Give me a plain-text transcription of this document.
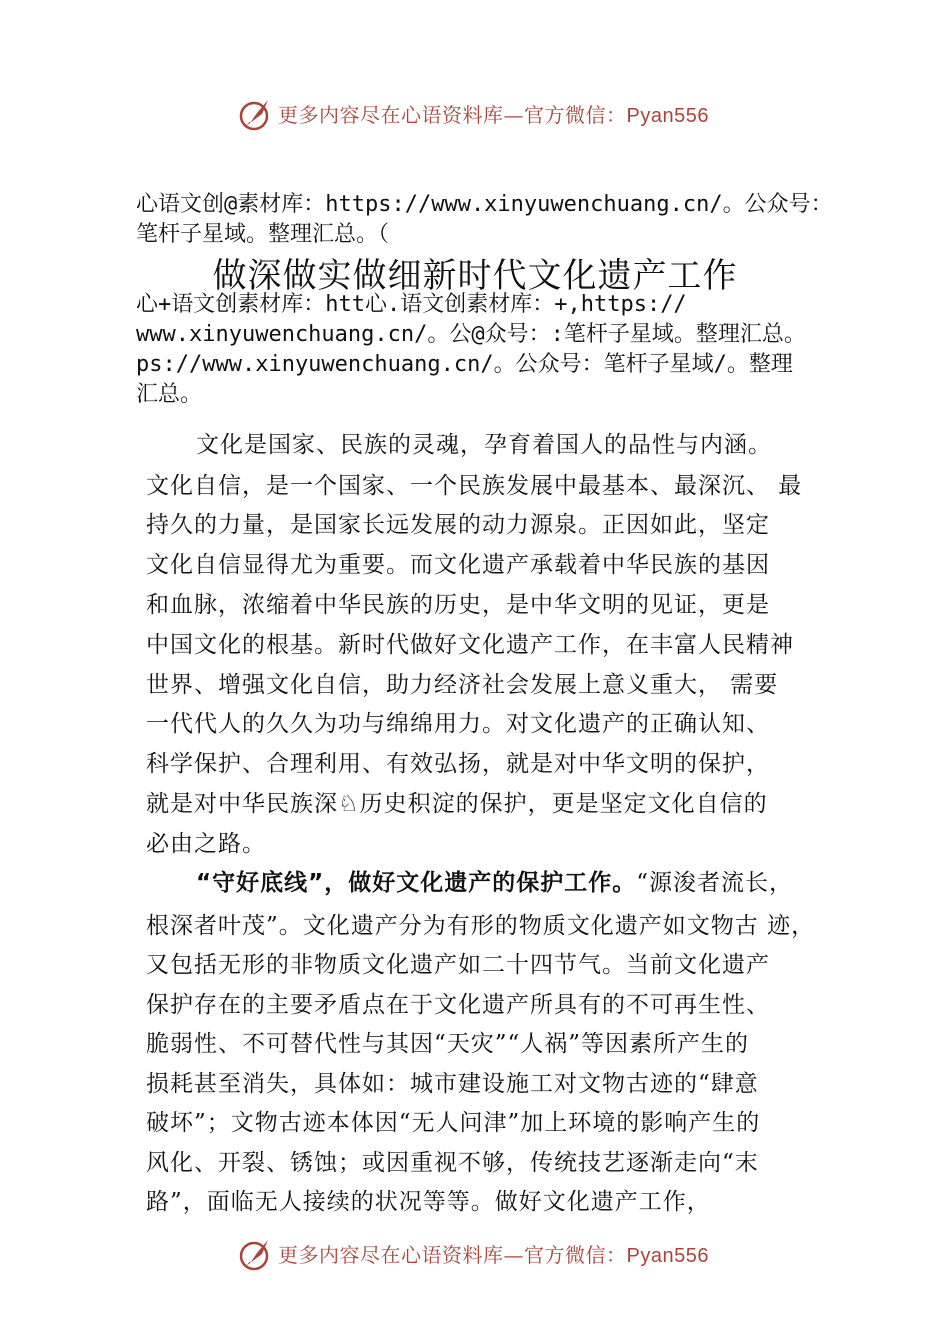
更多内容尽在心语资料库—官方微信：Pyan556
心语文创@素材库：https://www.xinyuwenchuang.cn/。公众号：
笔杆子星域。整理汇总。（
做深做实做细新时代文化遗产工作
心+语文创素材库：htt心.语文创素材库：+,https://
www.xinyuwenchuang.cn/。公@众号：:笔杆子星域。整理汇总。
ps://www.xinyuwenchuang.cn/。公众号：笔杆子星域/。整理
汇总。
文化是国家、民族的灵魂，孕育着国人的品性与内涵。
文化自信，是一个国家、一个民族发展中最基本、最深沉、 最
持久的力量，是国家长远发展的动力源泉。正因如此，坚定
文化自信显得尤为重要。而文化遗产承载着中华民族的基因
和血脉，浓缩着中华民族的历史，是中华文明的见证，更是
中国文化的根基。新时代做好文化遗产工作，在丰富人民精神
世界、增强文化自信，助力经济社会发展上意义重大， 需要
一代代人的久久为功与绵绵用力。对文化遗产的正确认知、
科学保护、合理利用、有效弘扬，就是对中华文明的保护，
就是对中华民族深♘历史积淀的保护，更是坚定文化自信的
必由之路。
“守好底线”，做好文化遗产的保护工作。“源浚者流长，
根深者叶茂”。文化遗产分为有形的物质文化遗产如文物古 迹，
又包括无形的非物质文化遗产如二十四节气。当前文化遗产
保护存在的主要矛盾点在于文化遗产所具有的不可再生性、
脆弱性、不可替代性与其因“天灾”“人祸”等因素所产生的
损耗甚至消失，具体如：城市建设施工对文物古迹的“肆意
破坏”；文物古迹本体因“无人问津”加上环境的影响产生的
风化、开裂、锈蚀；或因重视不够，传统技艺逐渐走向“末
路”，面临无人接续的状况等等。做好文化遗产工作，
更多内容尽在心语资料库—官方微信：Pyan556
